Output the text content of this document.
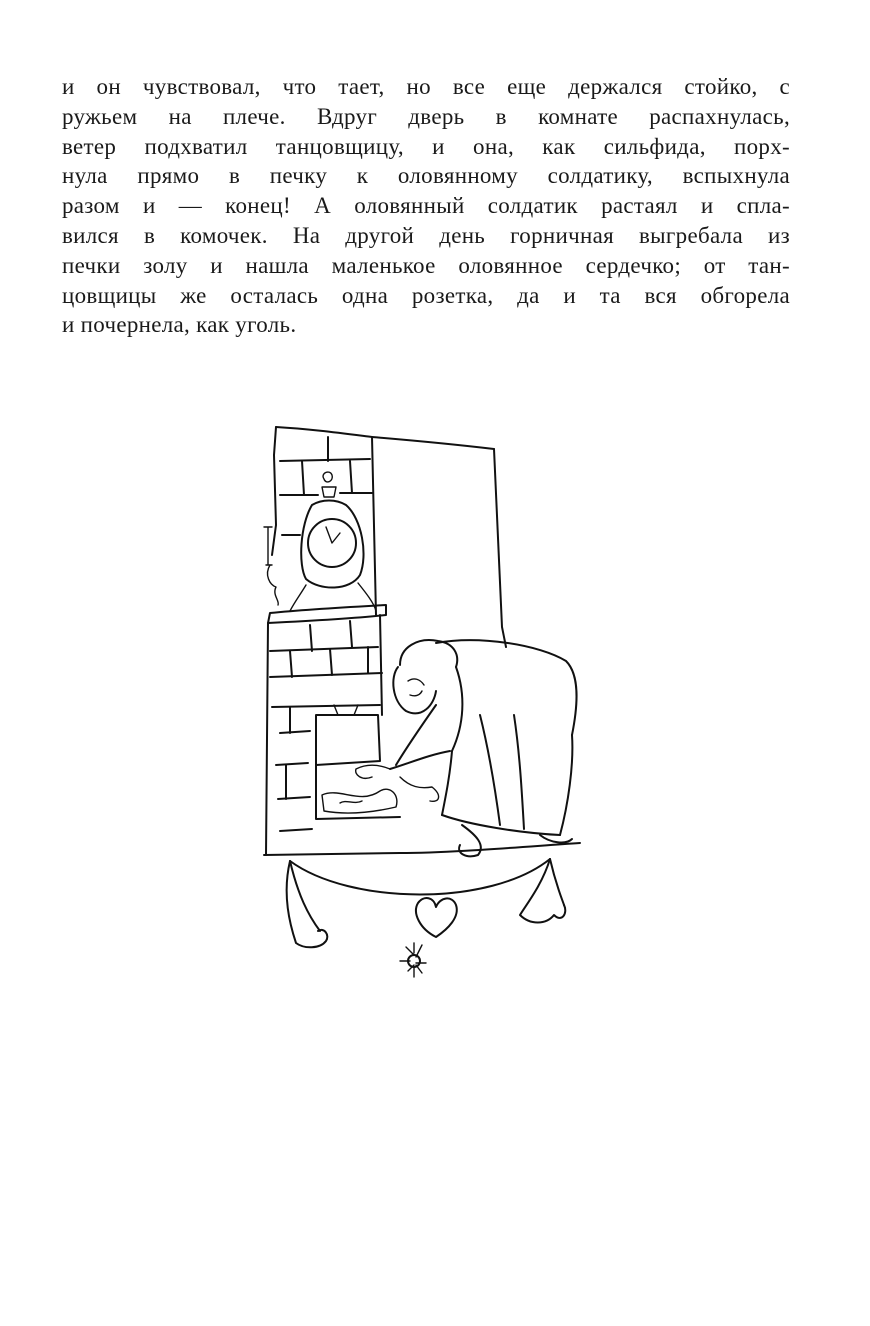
и он чувствовал, что тает, но все еще держался стойко, с
ружьем на плече. Вдруг дверь в комнате распахнулась,
ветер подхватил танцовщицу, и она, как сильфида, порх-
нула прямо в печку к оловянному солдатику, вспыхнула
разом и — конец! А оловянный солдатик растаял и спла-
вился в комочек. На другой день горничная выгребала из
печки золу и нашла маленькое оловянное сердечко; от тан-
цовщицы же осталась одна розетка, да и та вся обгорела
и почернела, как уголь.
